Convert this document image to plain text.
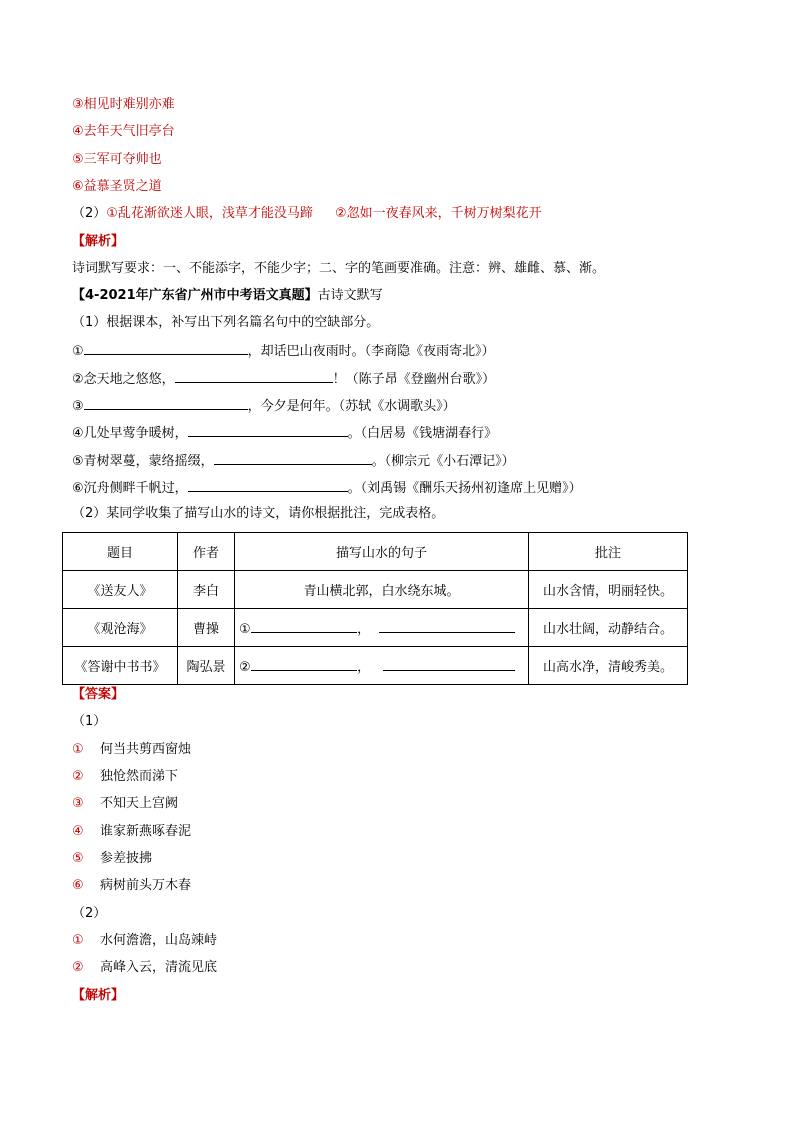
③相见时难别亦难
④去年天气旧亭台
⑤三军可夺帅也
⑥益慕圣贤之道
（2）①乱花渐欲迷人眼，浅草才能没马蹄 ②忽如一夜春风来，千树万树梨花开
【解析】
诗词默写要求：一、不能添字，不能少字；二、字的笔画要准确。注意：辨、雄雌、慕、渐。
【4-2021年广东省广州市中考语文真题】古诗文默写
（1）根据课本，补写出下列名篇名句中的空缺部分。
①	，却话巴山夜雨时。（李商隐《夜雨寄北》）
②念天地之悠悠，	！（陈子昂《登幽州台歌》）
③	，今夕是何年。（苏轼《水调歌头》）
④几处早莺争暖树，	。（白居易《钱塘湖春行》
⑤青树翠蔓，蒙络摇缀，	。（柳宗元《小石潭记》）
⑥沉舟侧畔千帆过，	。（刘禹锡《酬乐天扬州初逢席上见赠》）
（2）某同学收集了描写山水的诗文，请你根据批注，完成表格。
题目	作者	描写山水的句子	批注
《送友人》	李白	青山横北郭，白水绕东城。	山水含情，明丽轻快。
《观沧海》	曹操	① ，	山水壮阔，动静结合。
《答谢中书书》	陶弘景	② ，	山高水净，清峻秀美。
【答案】
（1）
① 何当共剪西窗烛
② 独怆然而涕下
③ 不知天上宫阙
④ 谁家新燕啄春泥
⑤ 参差披拂
⑥ 病树前头万木春
（2）
① 水何澹澹，山岛竦峙
② 高峰入云，清流见底
【解析】
